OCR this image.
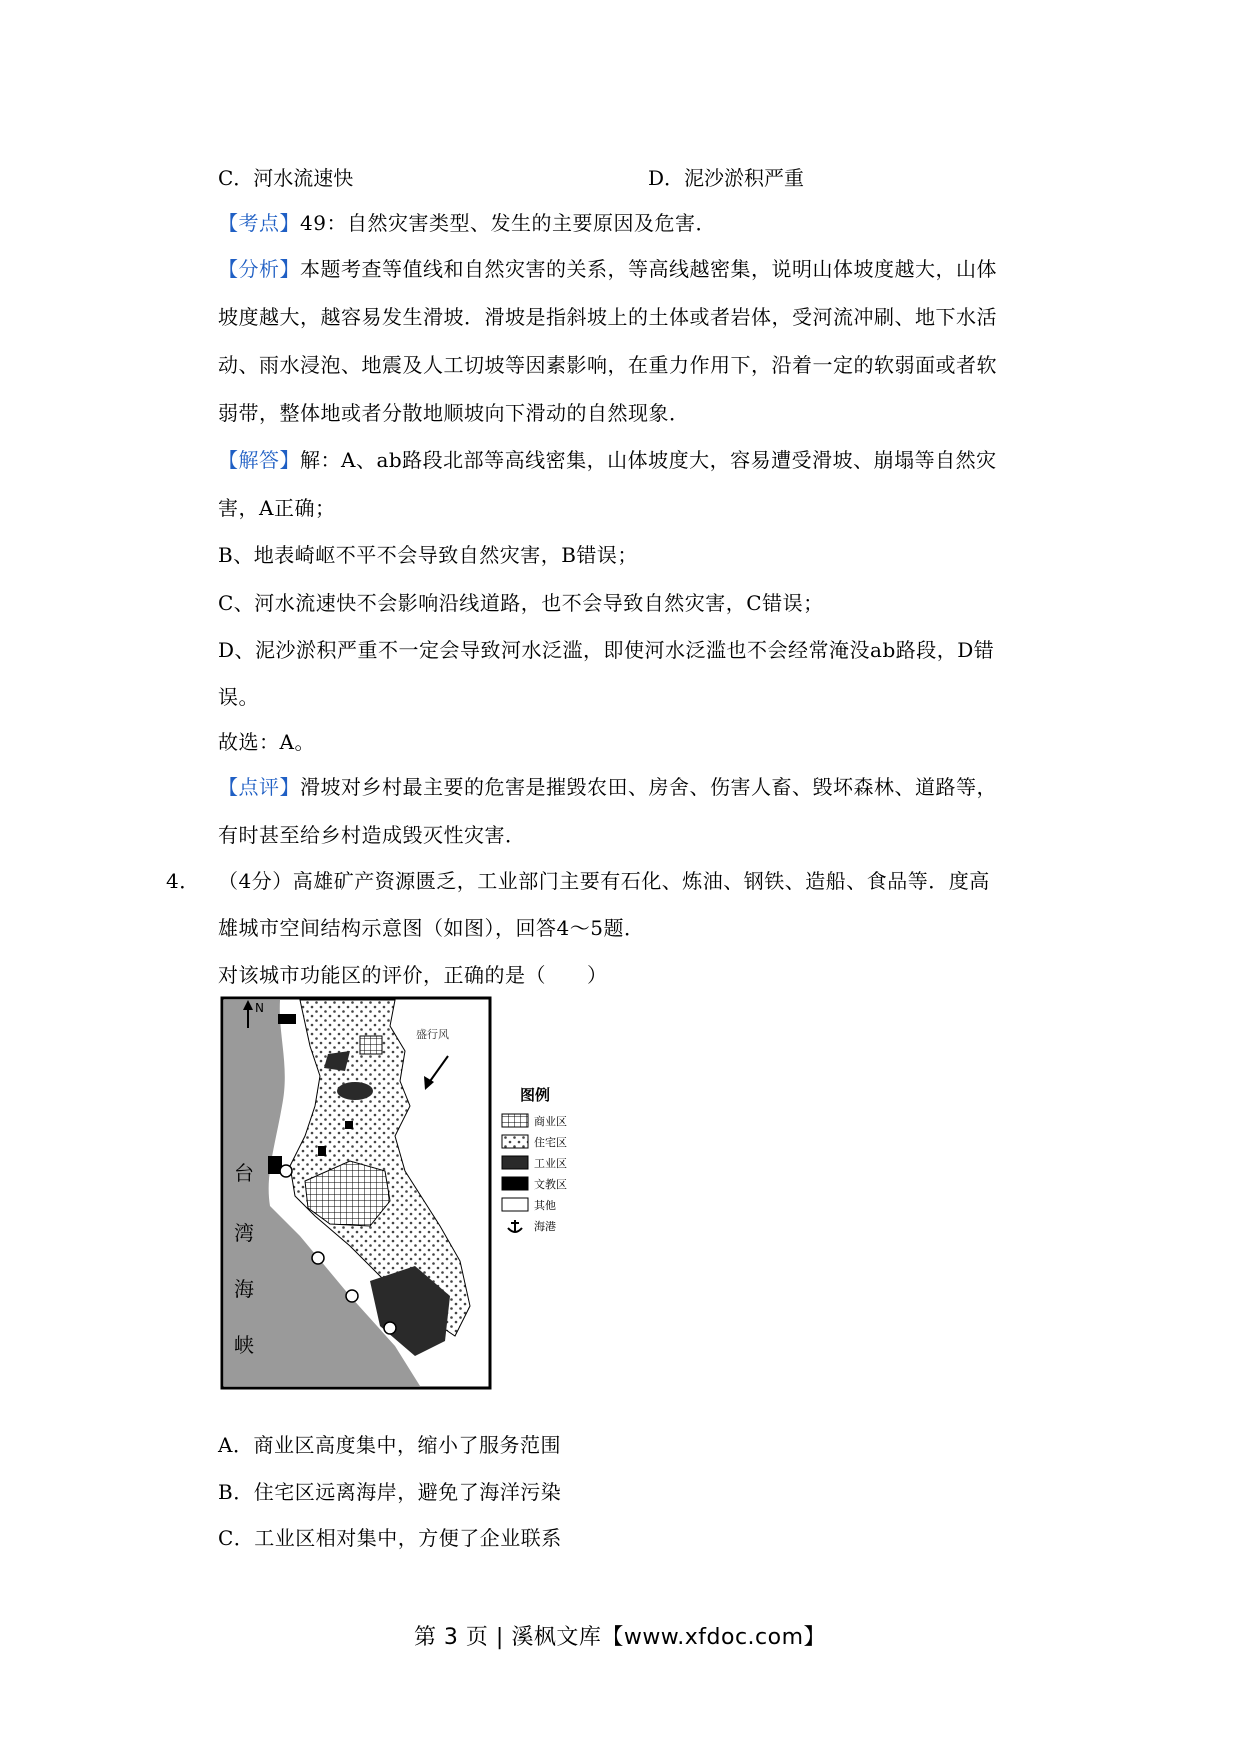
C．河水流速快	D．泥沙淤积严重
【考点】49：自然灾害类型、发生的主要原因及危害．
【分析】本题考查等值线和自然灾害的关系，等高线越密集，说明山体坡度越大，山体
坡度越大，越容易发生滑坡．滑坡是指斜坡上的土体或者岩体，受河流冲刷、地下水活
动、雨水浸泡、地震及人工切坡等因素影响，在重力作用下，沿着一定的软弱面或者软
弱带，整体地或者分散地顺坡向下滑动的自然现象．
【解答】解：A、ab路段北部等高线密集，山体坡度大，容易遭受滑坡、崩塌等自然灾
害，A正确；
B、地表崎岖不平不会导致自然灾害，B错误；
C、河水流速快不会影响沿线道路，也不会导致自然灾害，C错误；
D、泥沙淤积严重不一定会导致河水泛滥，即使河水泛滥也不会经常淹没ab路段，D错
误。
故选：A。
【点评】滑坡对乡村最主要的危害是摧毁农田、房舍、伤害人畜、毁坏森林、道路等，
有时甚至给乡村造成毁灭性灾害．
4． （4分）高雄矿产资源匮乏，工业部门主要有石化、炼油、钢铁、造船、食品等．度高
雄城市空间结构示意图（如图），回答4～5题．
对该城市功能区的评价，正确的是（　　）
N
盛行风
台
湾
海
峡
图例
商业区
住宅区
工业区
文教区
其他
海港
A．商业区高度集中，缩小了服务范围
B．住宅区远离海岸，避免了海洋污染
C．工业区相对集中，方便了企业联系
第 3 页 | 溪枫文库【www.xfdoc.com】
